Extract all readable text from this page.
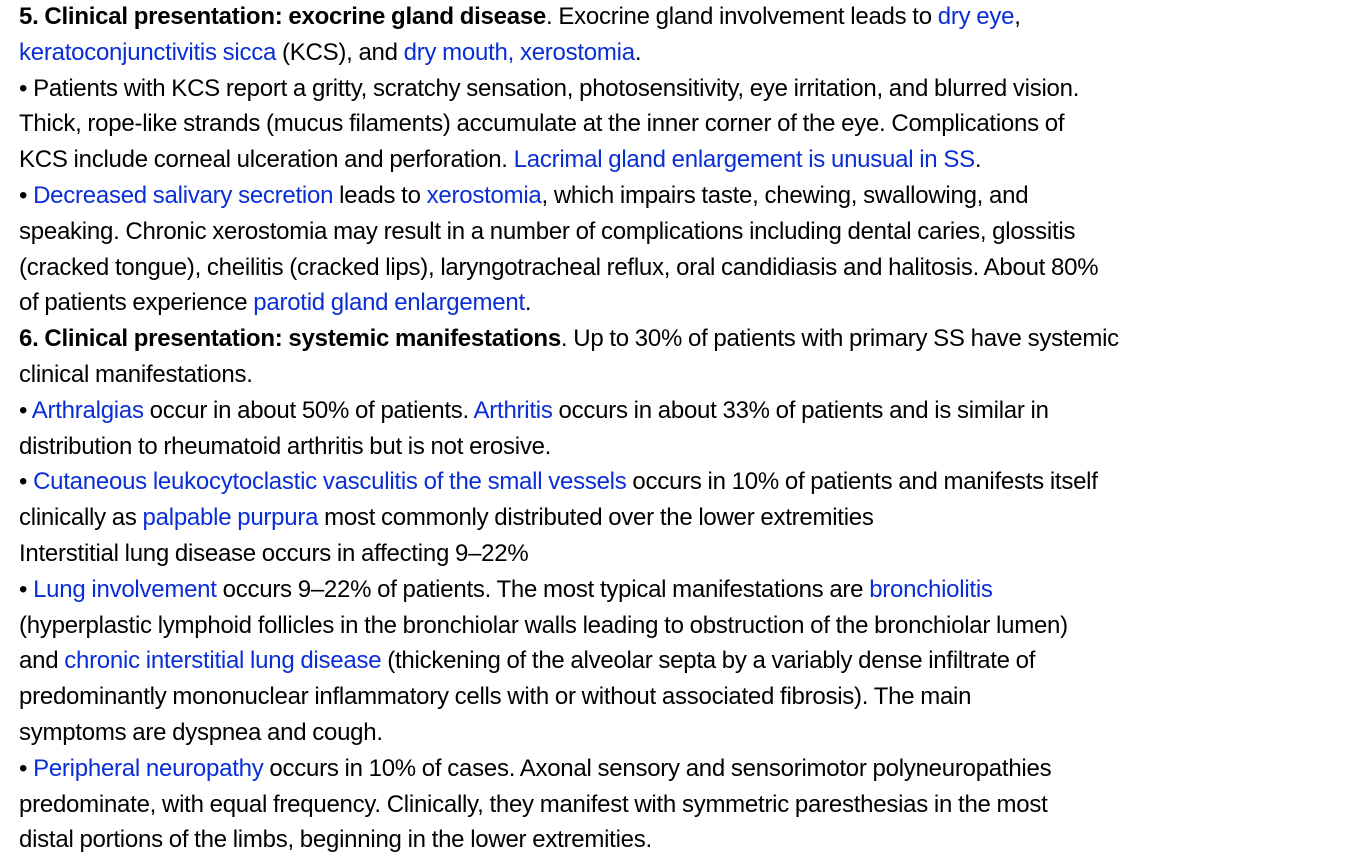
5. Clinical presentation: exocrine gland disease. Exocrine gland involvement leads to dry eye,
keratoconjunctivitis sicca (KCS), and dry mouth, xerostomia.
• Patients with KCS report a gritty, scratchy sensation, photosensitivity, eye irritation, and blurred vision.
Thick, rope-like strands (mucus filaments) accumulate at the inner corner of the eye. Complications of
KCS include corneal ulceration and perforation. Lacrimal gland enlargement is unusual in SS.
• Decreased salivary secretion leads to xerostomia, which impairs taste, chewing, swallowing, and
speaking. Chronic xerostomia may result in a number of complications including dental caries, glossitis
(cracked tongue), cheilitis (cracked lips), laryngotracheal reflux, oral candidiasis and halitosis. About 80%
of patients experience parotid gland enlargement.
6. Clinical presentation: systemic manifestations. Up to 30% of patients with primary SS have systemic
clinical manifestations.
• Arthralgias occur in about 50% of patients. Arthritis occurs in about 33% of patients and is similar in
distribution to rheumatoid arthritis but is not erosive.
• Cutaneous leukocytoclastic vasculitis of the small vessels occurs in 10% of patients and manifests itself
clinically as palpable purpura most commonly distributed over the lower extremities
Interstitial lung disease occurs in affecting 9–22%
• Lung involvement occurs 9–22% of patients. The most typical manifestations are bronchiolitis
(hyperplastic lymphoid follicles in the bronchiolar walls leading to obstruction of the bronchiolar lumen)
and chronic interstitial lung disease (thickening of the alveolar septa by a variably dense infiltrate of
predominantly mononuclear inflammatory cells with or without associated fibrosis). The main
symptoms are dyspnea and cough.
• Peripheral neuropathy occurs in 10% of cases. Axonal sensory and sensorimotor polyneuropathies
predominate, with equal frequency. Clinically, they manifest with symmetric paresthesias in the most
distal portions of the limbs, beginning in the lower extremities.
